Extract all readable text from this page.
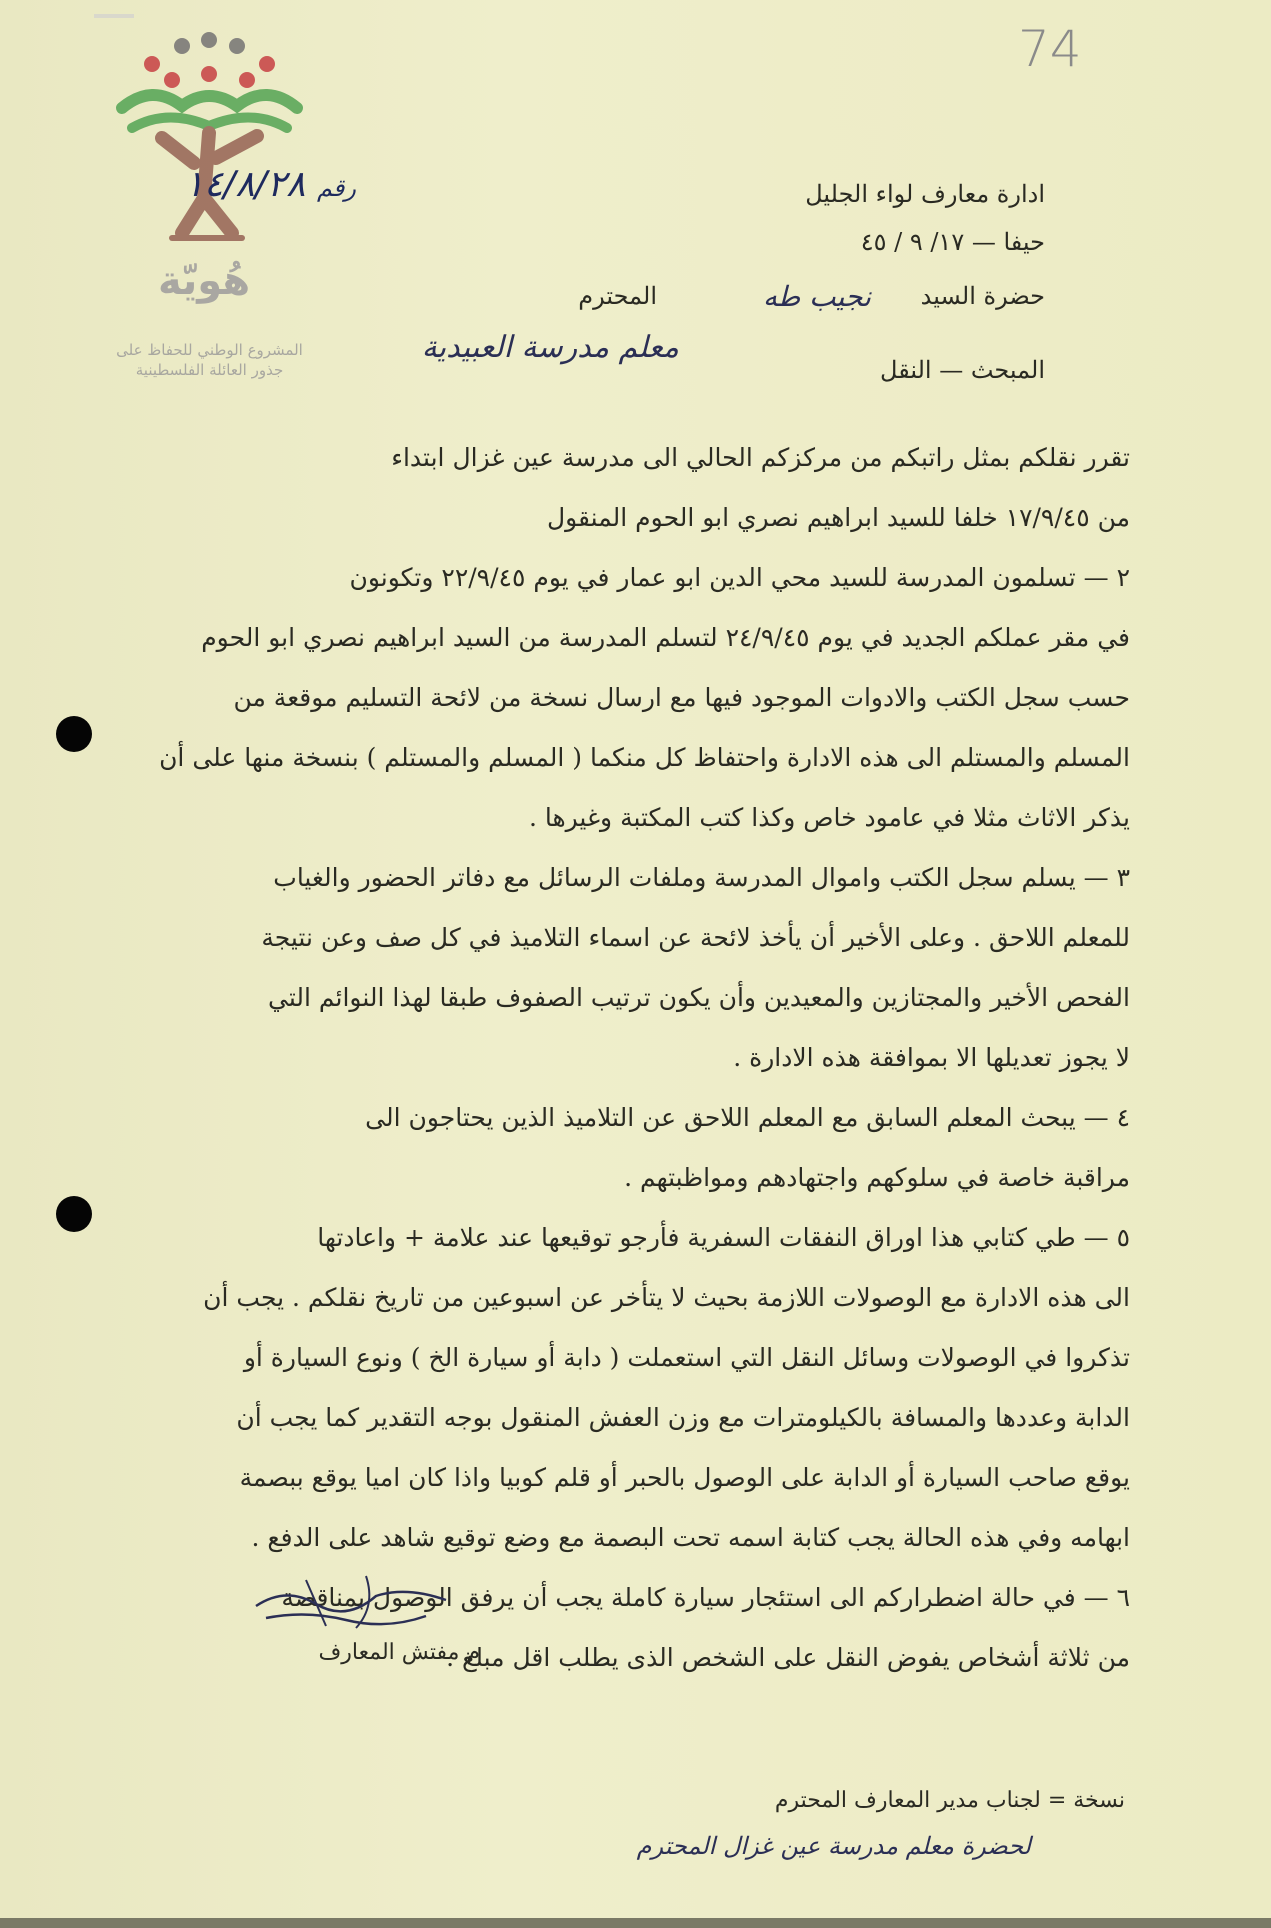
74
هُويّة
المشروع الوطني للحفاظ على
جذور العائلة الفلسطينية
رقم ١٤/٨/٢٨	ادارة معارف لواء الجليل
حيفا — ١٧/ ٩ / ٤٥
حضرة السيد
نجيب طه
المحترم
معلم مدرسة العبيدية
المبحث — النقل
تقرر نقلكم بمثل راتبكم من مركزكم الحالي الى مدرسة عين غزال ابتداء
من ١٧/٩/٤٥ خلفا للسيد ابراهيم نصري ابو الحوم المنقول
٢ — تسلمون المدرسة للسيد محي الدين ابو عمار في يوم ٢٢/٩/٤٥ وتكونون
في مقر عملكم الجديد في يوم ٢٤/٩/٤٥ لتسلم المدرسة من السيد ابراهيم نصري ابو الحوم
حسب سجل الكتب والادوات الموجود فيها مع ارسال نسخة من لائحة التسليم موقعة من
المسلم والمستلم الى هذه الادارة واحتفاظ كل منكما ( المسلم والمستلم ) بنسخة منها على أن
يذكر الاثاث مثلا في عامود خاص وكذا كتب المكتبة وغيرها .
٣ — يسلم سجل الكتب واموال المدرسة وملفات الرسائل مع دفاتر الحضور والغياب
للمعلم اللاحق . وعلى الأخير أن يأخذ لائحة عن اسماء التلاميذ في كل صف وعن نتيجة
الفحص الأخير والمجتازين والمعيدين وأن يكون ترتيب الصفوف طبقا لهذا النوائم التي
لا يجوز تعديلها الا بموافقة هذه الادارة .
٤ — يبحث المعلم السابق مع المعلم اللاحق عن التلاميذ الذين يحتاجون الى
مراقبة خاصة في سلوكهم واجتهادهم ومواظبتهم .
٥ — طي كتابي هذا اوراق النفقات السفرية فأرجو توقيعها عند علامة + واعادتها
الى هذه الادارة مع الوصولات اللازمة بحيث لا يتأخر عن اسبوعين من تاريخ نقلكم . يجب أن
تذكروا في الوصولات وسائل النقل التي استعملت ( دابة أو سيارة الخ ) ونوع السيارة أو
الدابة وعددها والمسافة بالكيلومترات مع وزن العفش المنقول بوجه التقدير كما يجب أن
يوقع صاحب السيارة أو الدابة على الوصول بالحبر أو قلم كوبيا واذا كان اميا يوقع ببصمة
ابهامه وفي هذه الحالة يجب كتابة اسمه تحت البصمة مع وضع توقيع شاهد على الدفع .
٦ — في حالة اضطراركم الى استئجار سيارة كاملة يجب أن يرفق الوصول بمناقصة
من ثلاثة أشخاص يفوض النقل على الشخص الذى يطلب اقل مبلغ .
م مفتش المعارف
نسخة = لجناب مدير المعارف المحترم
لحضرة معلم مدرسة عين غزال المحترم
